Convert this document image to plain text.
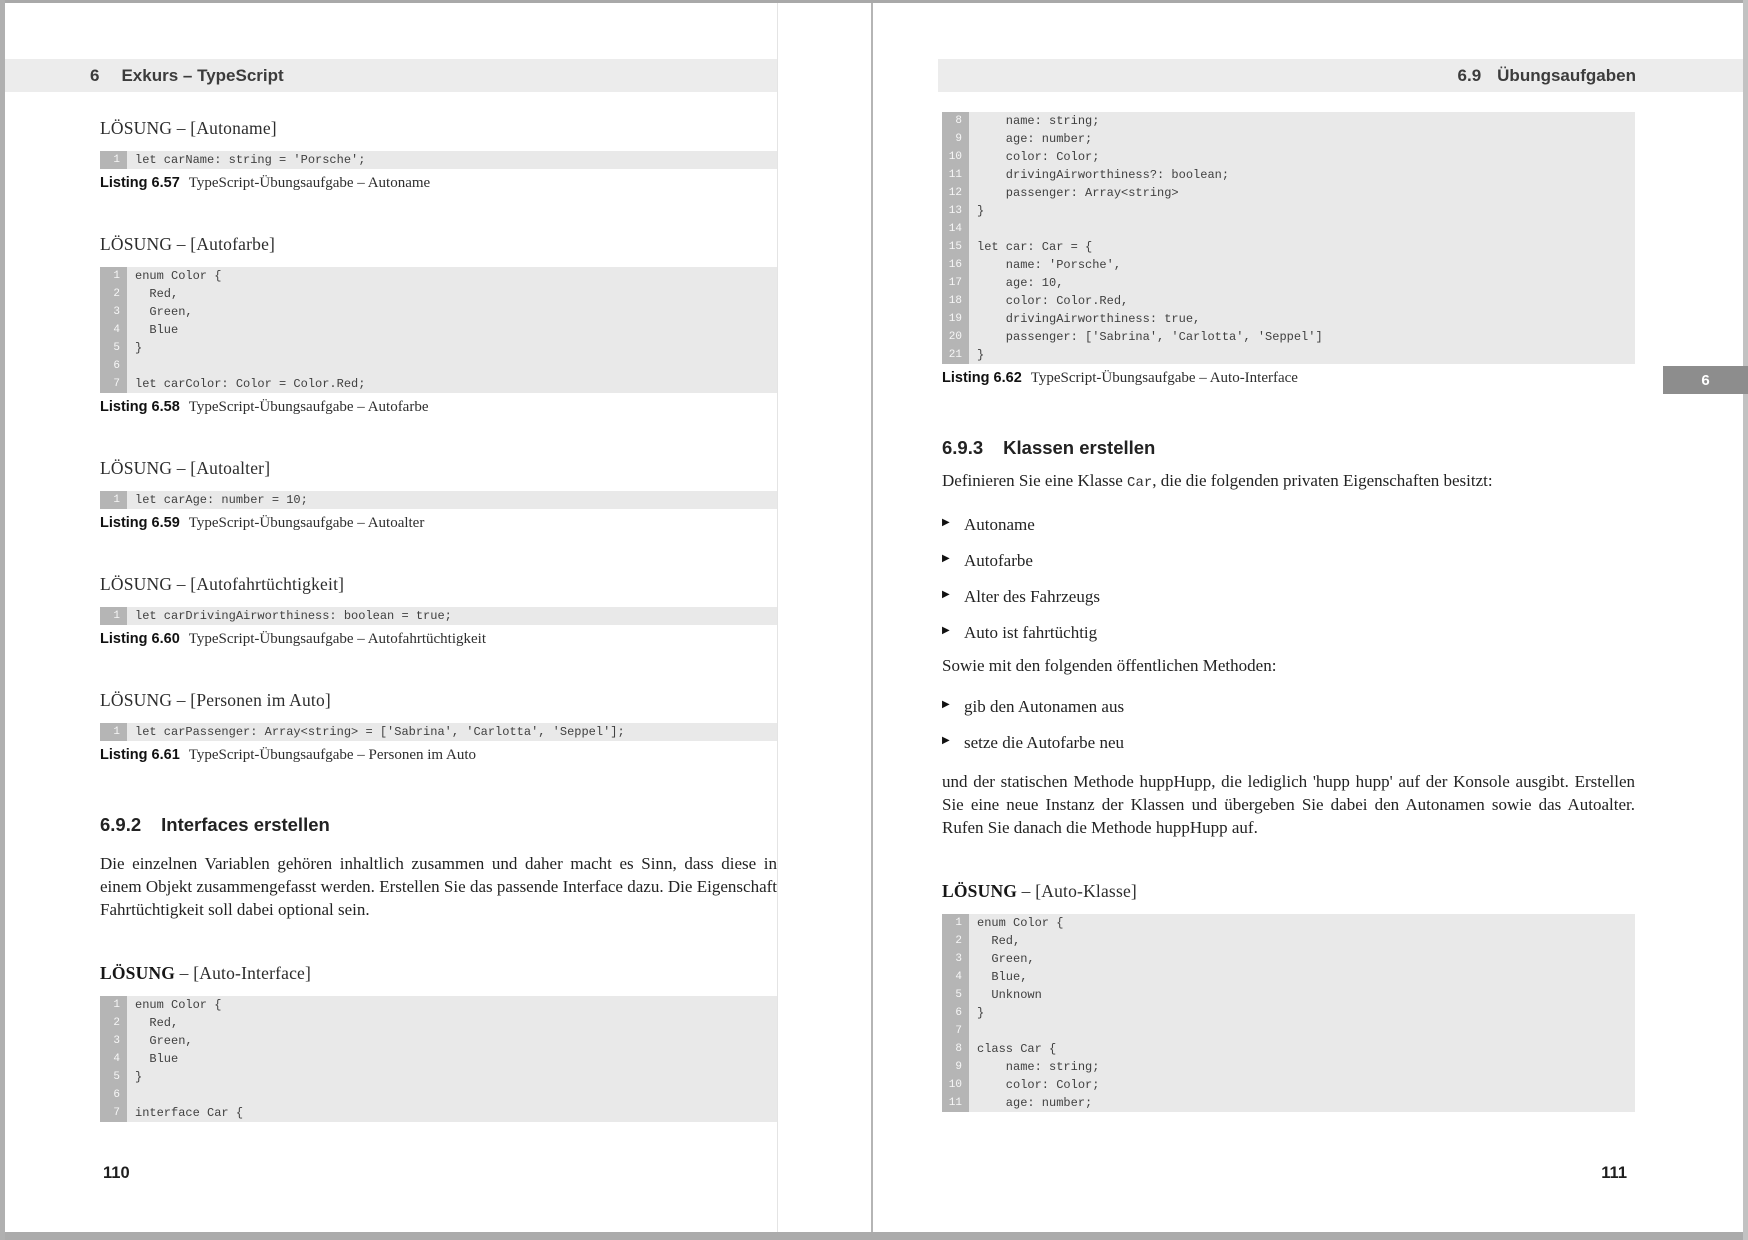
6 Exkurs – TypeScript	6.9 Übungsaufgaben
LÖSUNG – [Autoname]
1	let carName: string = 'Porsche';
Listing 6.57 TypeScript-Übungsaufgabe – Autoname
LÖSUNG – [Autofarbe]
1	enum Color {
2	Red,
3	Green,
4	Blue
5	}
6
7	let carColor: Color = Color.Red;
Listing 6.58 TypeScript-Übungsaufgabe – Autofarbe
LÖSUNG – [Autoalter]
1	let carAge: number = 10;
Listing 6.59 TypeScript-Übungsaufgabe – Autoalter
LÖSUNG – [Autofahrtüchtigkeit]
1	let carDrivingAirworthiness: boolean = true;
Listing 6.60 TypeScript-Übungsaufgabe – Autofahrtüchtigkeit
LÖSUNG – [Personen im Auto]
1	let carPassenger: Array<string> = ['Sabrina', 'Carlotta', 'Seppel'];
Listing 6.61 TypeScript-Übungsaufgabe – Personen im Auto
6.9.2 Interfaces erstellen
Die einzelnen Variablen gehören inhaltlich zusammen und daher macht es Sinn, dass diese in einem Objekt zusammengefasst werden. Erstellen Sie das passende Interface dazu. Die Eigenschaft Fahrtüchtigkeit soll dabei optional sein.
LÖSUNG – [Auto-Interface]
1	enum Color {
2	Red,
3	Green,
4	Blue
5	}
6
7	interface Car {
8	name: string;
9	age: number;
10	color: Color;
11	drivingAirworthiness?: boolean;
12	passenger: Array<string>
13	}
14
15	let car: Car = {
16	name: 'Porsche',
17	age: 10,
18	color: Color.Red,
19	drivingAirworthiness: true,
20	passenger: ['Sabrina', 'Carlotta', 'Seppel']
21	}
Listing 6.62 TypeScript-Übungsaufgabe – Auto-Interface
6.9.3 Klassen erstellen
Definieren Sie eine Klasse Car, die die folgenden privaten Eigenschaften besitzt:
▶ Autoname
▶ Autofarbe
▶ Alter des Fahrzeugs
▶ Auto ist fahrtüchtig
Sowie mit den folgenden öffentlichen Methoden:
▶ gib den Autonamen aus
▶ setze die Autofarbe neu
und der statischen Methode huppHupp, die lediglich 'hupp hupp' auf der Konsole ausgibt. Erstellen Sie eine neue Instanz der Klassen und übergeben Sie dabei den Autonamen sowie das Autoalter. Rufen Sie danach die Methode huppHupp auf.
LÖSUNG – [Auto-Klasse]
1	enum Color {
2	Red,
3	Green,
4	Blue,
5	Unknown
6	}
7
8	class Car {
9	name: string;
10	color: Color;
11	age: number;
110	111
6
